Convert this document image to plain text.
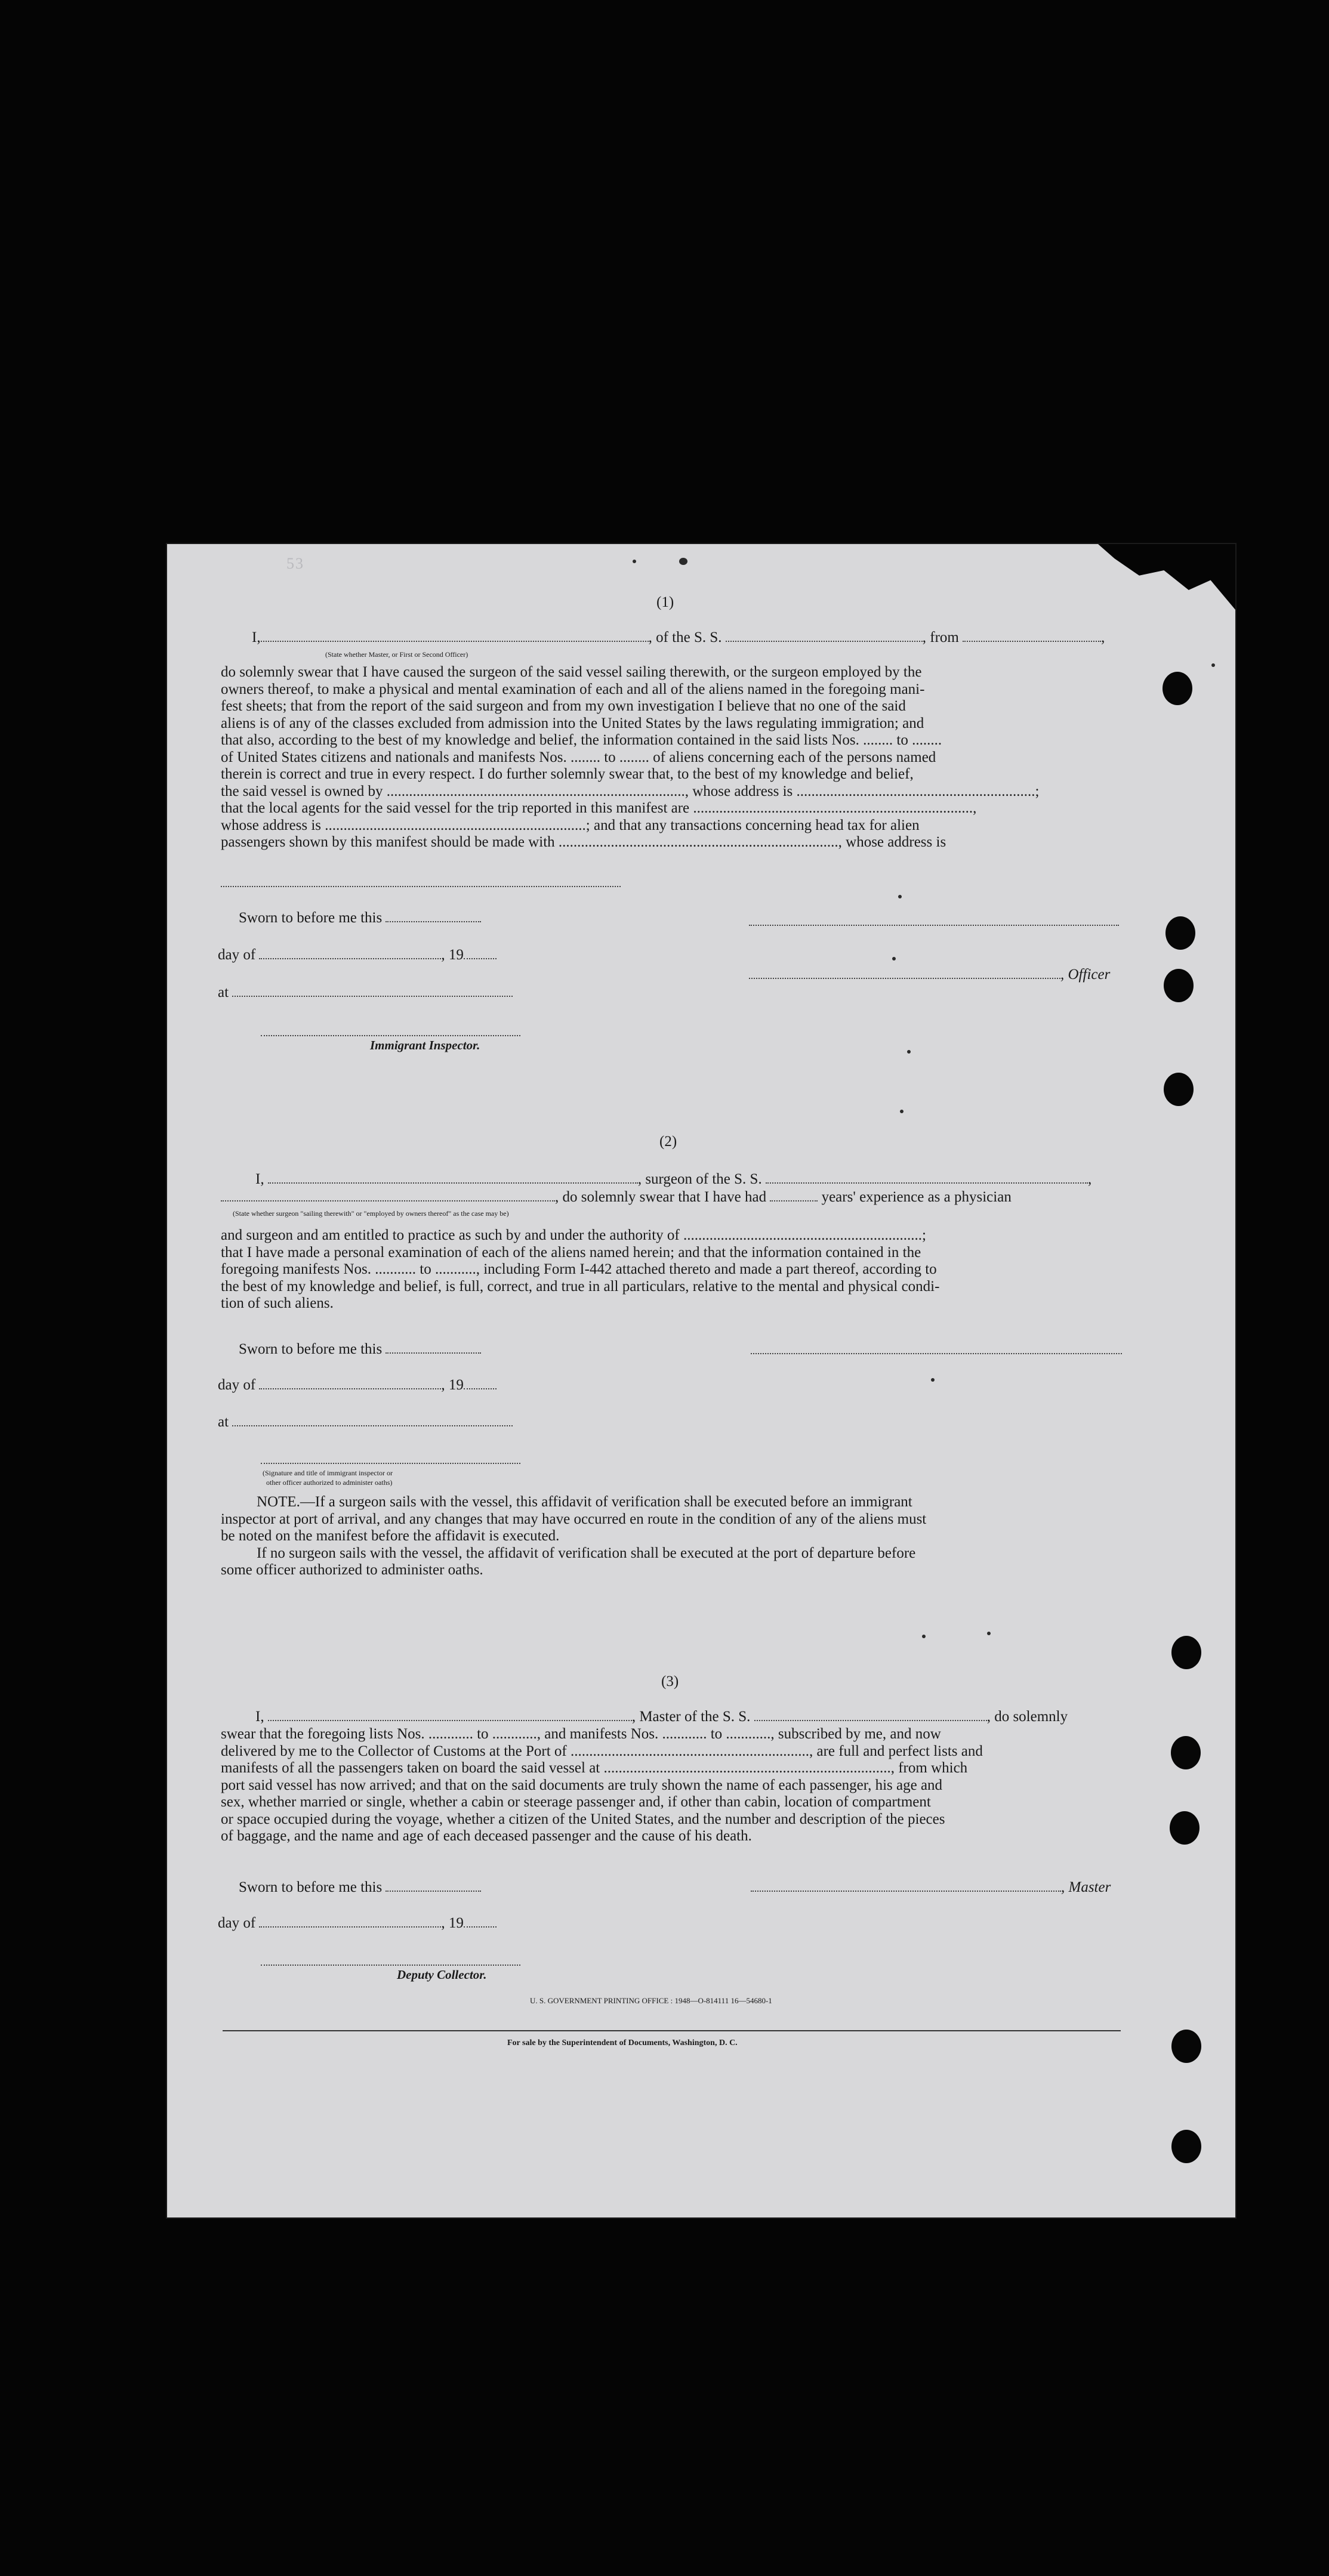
53
(1)
I,	, of the S. S.	, from	,
(State whether Master, or First or Second Officer)
do solemnly swear that I have caused the surgeon of the said vessel sailing therewith, or the surgeon employed by the
owners thereof, to make a physical and mental examination of each and all of the aliens named in the foregoing mani-
fest sheets; that from the report of the said surgeon and from my own investigation I believe that no one of the said
aliens is of any of the classes excluded from admission into the United States by the laws regulating immigration; and
that also, according to the best of my knowledge and belief, the information contained in the said lists Nos. ........ to ........
of United States citizens and nationals and manifests Nos. ........ to ........ of aliens concerning each of the persons named
therein is correct and true in every respect. I do further solemnly swear that, to the best of my knowledge and belief,
the said vessel is owned by ................................................................................, whose address is ................................................................;
that the local agents for the said vessel for the trip reported in this manifest are ...........................................................................,
whose address is ......................................................................; and that any transactions concerning head tax for alien
passengers shown by this manifest should be made with ..........................................................................., whose address is
Sworn to before me this
day of	, 19
, Officer
at
Immigrant Inspector.
(2)
I,	, surgeon of the S. S.	,
, do solemnly swear that I have had	years' experience as a physician
(State whether surgeon "sailing therewith" or "employed by owners thereof" as the case may be)
and surgeon and am entitled to practice as such by and under the authority of ................................................................;
that I have made a personal examination of each of the aliens named herein; and that the information contained in the
foregoing manifests Nos. ........... to ..........., including Form I-442 attached thereto and made a part thereof, according to
the best of my knowledge and belief, is full, correct, and true in all particulars, relative to the mental and physical condi-
tion of such aliens.
Sworn to before me this
day of	, 19
at
(Signature and title of immigrant inspector or
other officer authorized to administer oaths)
NOTE.—If a surgeon sails with the vessel, this affidavit of verification shall be executed before an immigrant
inspector at port of arrival, and any changes that may have occurred en route in the condition of any of the aliens must
be noted on the manifest before the affidavit is executed.
If no surgeon sails with the vessel, the affidavit of verification shall be executed at the port of departure before
some officer authorized to administer oaths.
(3)
I,	, Master of the S. S.	, do solemnly
swear that the foregoing lists Nos. ............ to ............, and manifests Nos. ............ to ............, subscribed by me, and now
delivered by me to the Collector of Customs at the Port of ................................................................, are full and perfect lists and
manifests of all the passengers taken on board the said vessel at ............................................................................., from which
port said vessel has now arrived; and that on the said documents are truly shown the name of each passenger, his age and
sex, whether married or single, whether a cabin or steerage passenger and, if other than cabin, location of compartment
or space occupied during the voyage, whether a citizen of the United States, and the number and description of the pieces
of baggage, and the name and age of each deceased passenger and the cause of his death.
Sworn to before me this	, Master
day of	, 19
Deputy Collector.
U. S. GOVERNMENT PRINTING OFFICE : 1948—O-814111 16—54680-1
For sale by the Superintendent of Documents, Washington, D. C.
